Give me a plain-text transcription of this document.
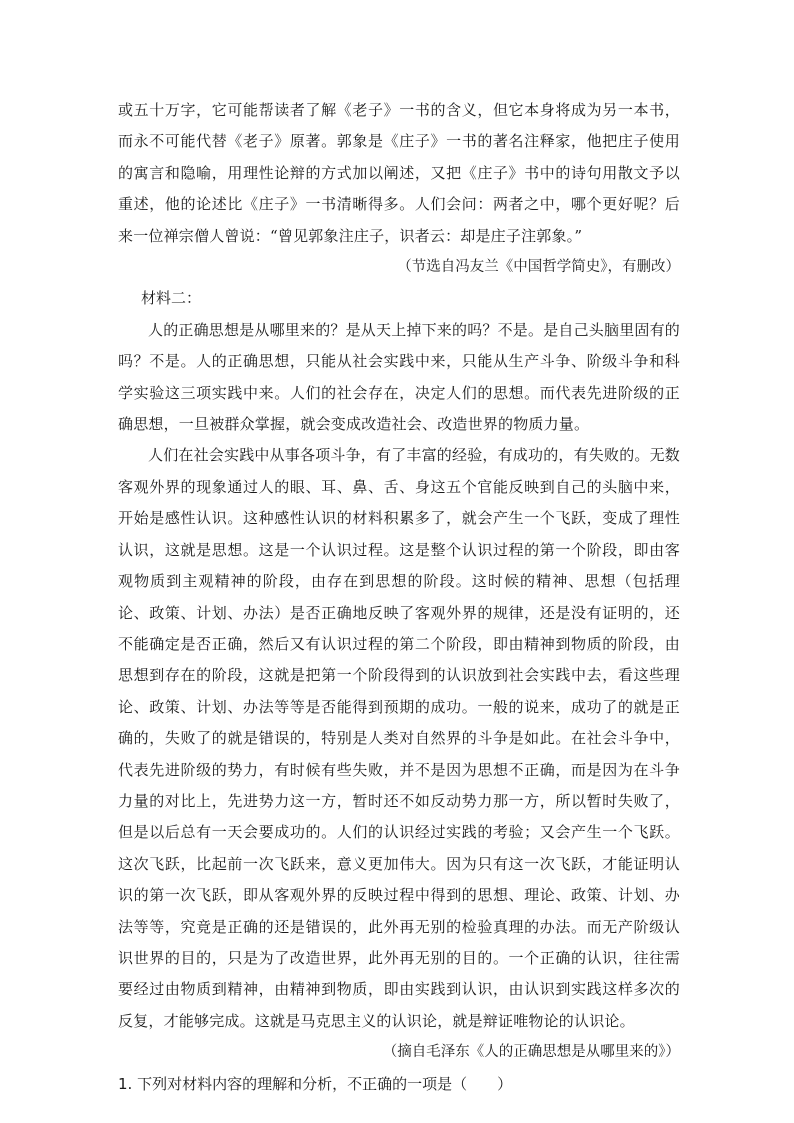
或五十万字，它可能帮读者了解《老子》一书的含义，但它本身将成为另一本书，而永不可能代替《老子》原著。郭象是《庄子》一书的著名注释家，他把庄子使用的寓言和隐喻，用理性论辩的方式加以阐述，又把《庄子》书中的诗句用散文予以重述，他的论述比《庄子》一书清晰得多。人们会问：两者之中，哪个更好呢？后来一位禅宗僧人曾说：“曾见郭象注庄子，识者云：却是庄子注郭象。”

（节选自冯友兰《中国哲学简史》，有删改）

材料二：

人的正确思想是从哪里来的？是从天上掉下来的吗？不是。是自己头脑里固有的吗？不是。人的正确思想，只能从社会实践中来，只能从生产斗争、阶级斗争和科学实验这三项实践中来。人们的社会存在，决定人们的思想。而代表先进阶级的正确思想，一旦被群众掌握，就会变成改造社会、改造世界的物质力量。

人们在社会实践中从事各项斗争，有了丰富的经验，有成功的，有失败的。无数客观外界的现象通过人的眼、耳、鼻、舌、身这五个官能反映到自己的头脑中来，开始是感性认识。这种感性认识的材料积累多了，就会产生一个飞跃，变成了理性认识，这就是思想。这是一个认识过程。这是整个认识过程的第一个阶段，即由客观物质到主观精神的阶段，由存在到思想的阶段。这时候的精神、思想（包括理论、政策、计划、办法）是否正确地反映了客观外界的规律，还是没有证明的，还不能确定是否正确，然后又有认识过程的第二个阶段，即由精神到物质的阶段，由思想到存在的阶段，这就是把第一个阶段得到的认识放到社会实践中去，看这些理论、政策、计划、办法等等是否能得到预期的成功。一般的说来，成功了的就是正确的，失败了的就是错误的，特别是人类对自然界的斗争是如此。在社会斗争中，代表先进阶级的势力，有时候有些失败，并不是因为思想不正确，而是因为在斗争力量的对比上，先进势力这一方，暂时还不如反动势力那一方，所以暂时失败了，但是以后总有一天会要成功的。人们的认识经过实践的考验；又会产生一个飞跃。这次飞跃，比起前一次飞跃来，意义更加伟大。因为只有这一次飞跃，才能证明认识的第一次飞跃，即从客观外界的反映过程中得到的思想、理论、政策、计划、办法等等，究竟是正确的还是错误的，此外再无别的检验真理的办法。而无产阶级认识世界的目的，只是为了改造世界，此外再无别的目的。一个正确的认识，往往需要经过由物质到精神，由精神到物质，即由实践到认识，由认识到实践这样多次的反复，才能够完成。这就是马克思主义的认识论，就是辩证唯物论的认识论。

（摘自毛泽东《人的正确思想是从哪里来的》）

1. 下列对材料内容的理解和分析，不正确的一项是（　　）
